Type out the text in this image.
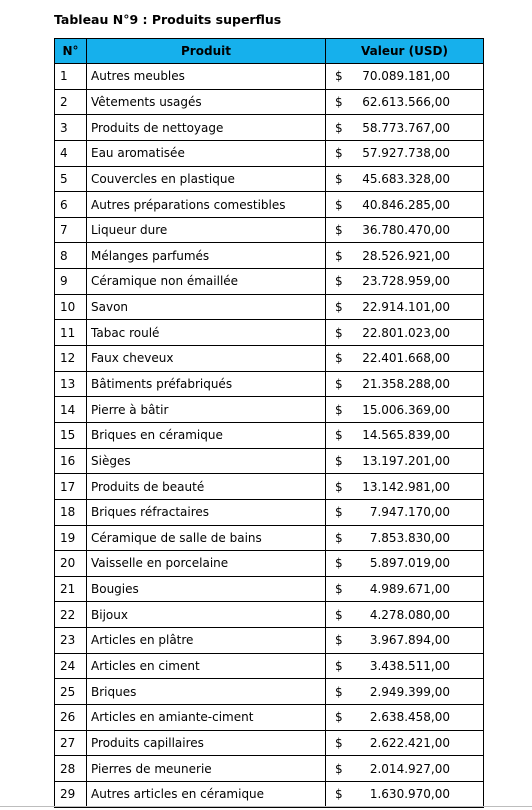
Tableau N°9 : Produits superflus
N°	Produit	Valeur (USD)
1	Autres meubles	$ 70.089.181,00

2	Vêtements usagés	$ 62.613.566,00

3	Produits de nettoyage	$ 58.773.767,00

4	Eau aromatisée	$ 57.927.738,00

5	Couvercles en plastique	$ 45.683.328,00

6	Autres préparations comestibles	$ 40.846.285,00

7	Liqueur dure	$ 36.780.470,00

8	Mélanges parfumés	$ 28.526.921,00

9	Céramique non émaillée	$ 23.728.959,00

10	Savon	$ 22.914.101,00

11	Tabac roulé	$ 22.801.023,00

12	Faux cheveux	$ 22.401.668,00

13	Bâtiments préfabriqués	$ 21.358.288,00

14	Pierre à bâtir	$ 15.006.369,00

15	Briques en céramique	$ 14.565.839,00

16	Sièges	$ 13.197.201,00

17	Produits de beauté	$ 13.142.981,00

18	Briques réfractaires	$ 7.947.170,00

19	Céramique de salle de bains	$ 7.853.830,00

20	Vaisselle en porcelaine	$ 5.897.019,00

21	Bougies	$ 4.989.671,00

22	Bijoux	$ 4.278.080,00

23	Articles en plâtre	$ 3.967.894,00

24	Articles en ciment	$ 3.438.511,00

25	Briques	$ 2.949.399,00

26	Articles en amiante-ciment	$ 2.638.458,00

27	Produits capillaires	$ 2.622.421,00

28	Pierres de meunerie	$ 2.014.927,00

29	Autres articles en céramique	$ 1.630.970,00
